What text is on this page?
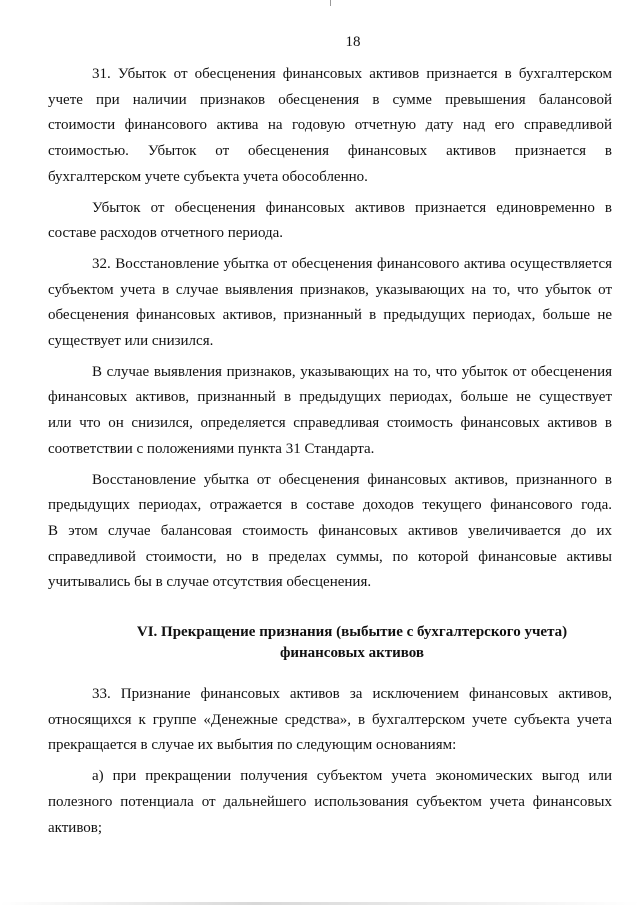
18
31. Убыток от обесценения финансовых активов признается в бухгалтерском
учете при наличии признаков обесценения в сумме превышения балансовой
стоимости финансового актива на годовую отчетную дату над его справедливой
стоимостью. Убыток от обесценения финансовых активов признается в
бухгалтерском учете субъекта учета обособленно.
Убыток от обесценения финансовых активов признается единовременно в
составе расходов отчетного периода.
32. Восстановление убытка от обесценения финансового актива осуществляется
субъектом учета в случае выявления признаков, указывающих на то, что убыток от
обесценения финансовых активов, признанный в предыдущих периодах, больше не
существует или снизился.
В случае выявления признаков, указывающих на то, что убыток от обесценения
финансовых активов, признанный в предыдущих периодах, больше не существует
или что он снизился, определяется справедливая стоимость финансовых активов в
соответствии с положениями пункта 31 Стандарта.
Восстановление убытка от обесценения финансовых активов, признанного в
предыдущих периодах, отражается в составе доходов текущего финансового года.
В этом случае балансовая стоимость финансовых активов увеличивается до их
справедливой стоимости, но в пределах суммы, по которой финансовые активы
учитывались бы в случае отсутствия обесценения.
VI. Прекращение признания (выбытие с бухгалтерского учета)
финансовых активов
33. Признание финансовых активов за исключением финансовых активов,
относящихся к группе «Денежные средства», в бухгалтерском учете субъекта учета
прекращается в случае их выбытия по следующим основаниям:
а) при прекращении получения субъектом учета экономических выгод или
полезного потенциала от дальнейшего использования субъектом учета финансовых
активов;
